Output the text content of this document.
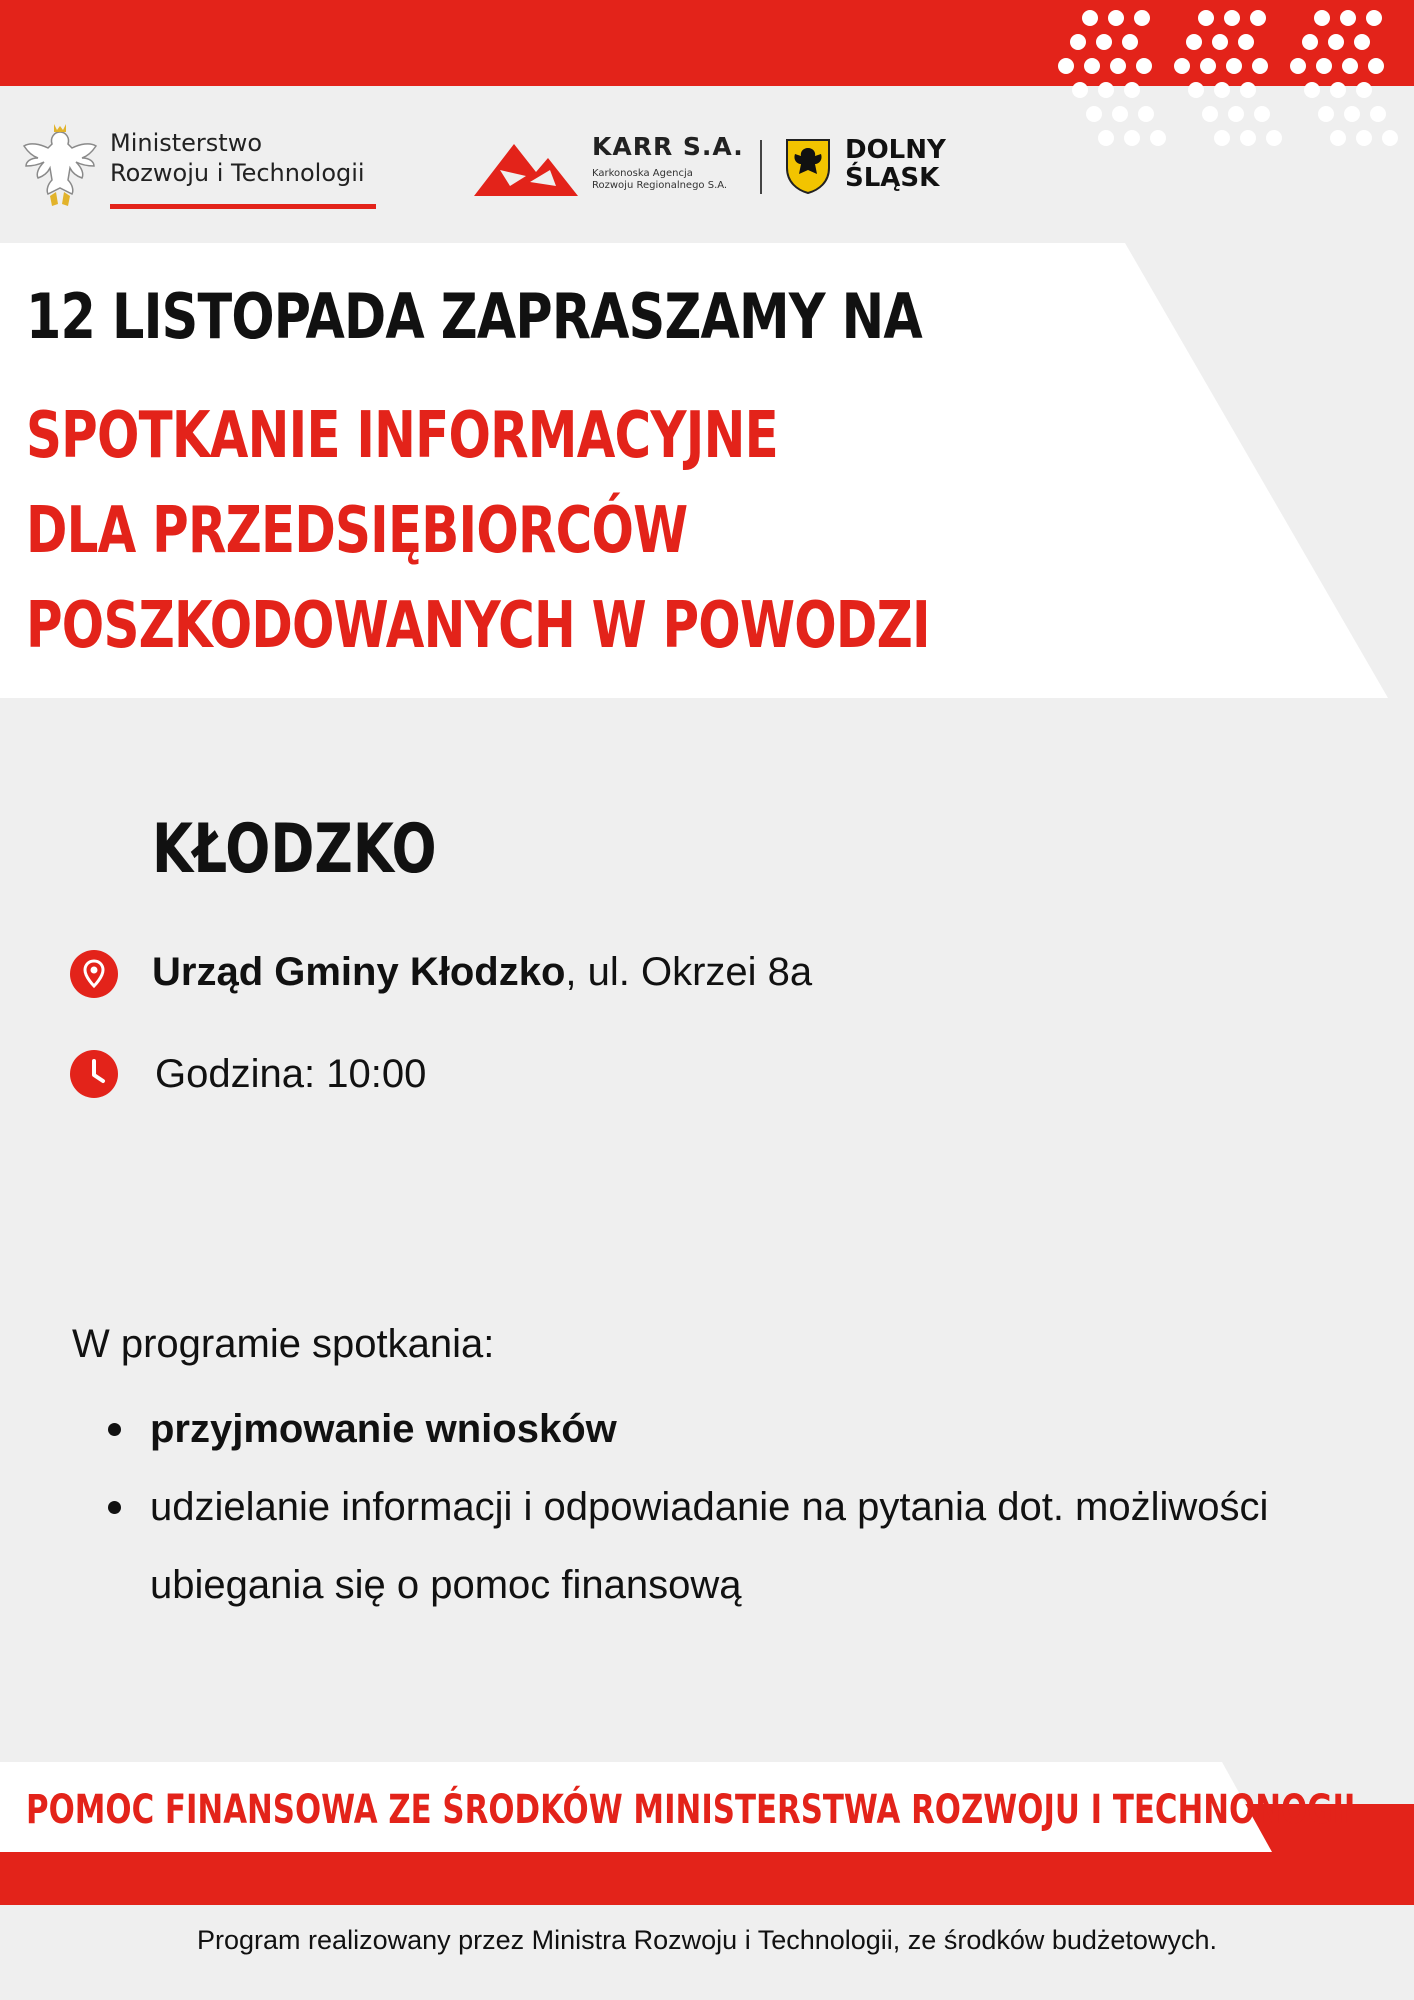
Ministerstwo
Rozwoju i Technologii
KARR S.A.
Karkonoska Agencja
Rozwoju Regionalnego S.A.
DOLNY
ŚLĄSK
12 LISTOPADA ZAPRASZAMY NA
SPOTKANIE INFORMACYJNE
DLA PRZEDSIĘBIORCÓW
POSZKODOWANYCH W POWODZI
KŁODZKO
Urząd Gminy Kłodzko, ul. Okrzei 8a
Godzina: 10:00
W programie spotkania:
przyjmowanie wniosków
udzielanie informacji i odpowiadanie na pytania dot. możliwości ubiegania się o pomoc finansową
POMOC FINANSOWA ZE ŚRODKÓW MINISTERSTWA ROZWOJU I TECHNONOGII
Program realizowany przez Ministra Rozwoju i Technologii, ze środków budżetowych.
